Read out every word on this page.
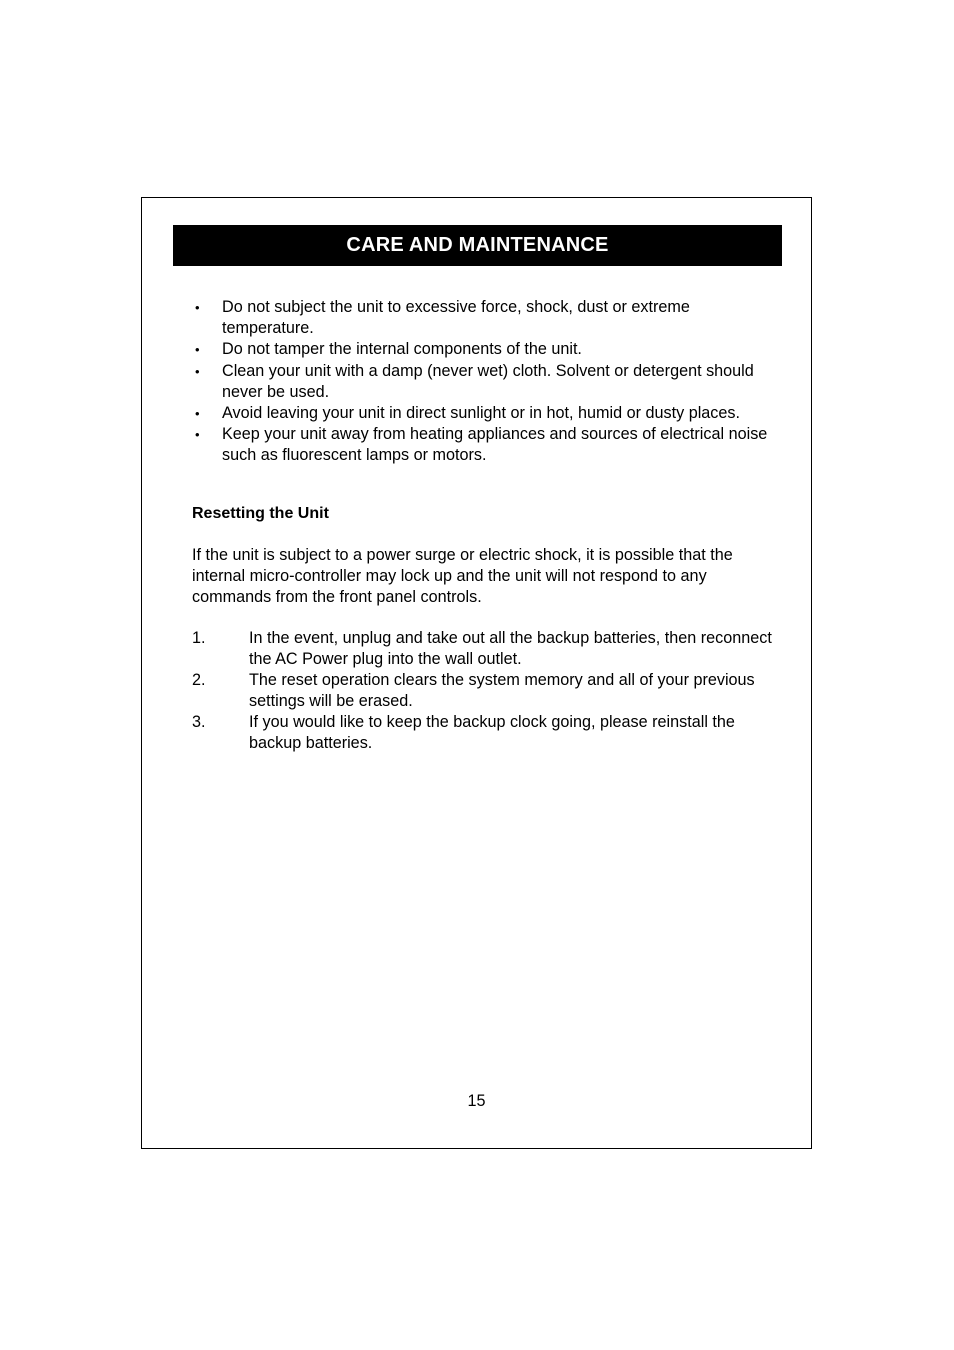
CARE AND MAINTENANCE
• Do not subject the unit to excessive force, shock, dust or extreme temperature.
• Do not tamper the internal components of the unit.
• Clean your unit with a damp (never wet) cloth. Solvent or detergent should never be used.
• Avoid leaving your unit in direct sunlight or in hot, humid or dusty places.
• Keep your unit away from heating appliances and sources of electrical noise such as fluorescent lamps or motors.
Resetting the Unit

If the unit is subject to a power surge or electric shock, it is possible that the internal micro-controller may lock up and the unit will not respond to any commands from the front panel controls.

1.	In the event, unplug and take out all the backup batteries, then reconnect the AC Power plug into the wall outlet.
2.	The reset operation clears the system memory and all of your previous settings will be erased.
3.	If you would like to keep the backup clock going, please reinstall the backup batteries.
15
